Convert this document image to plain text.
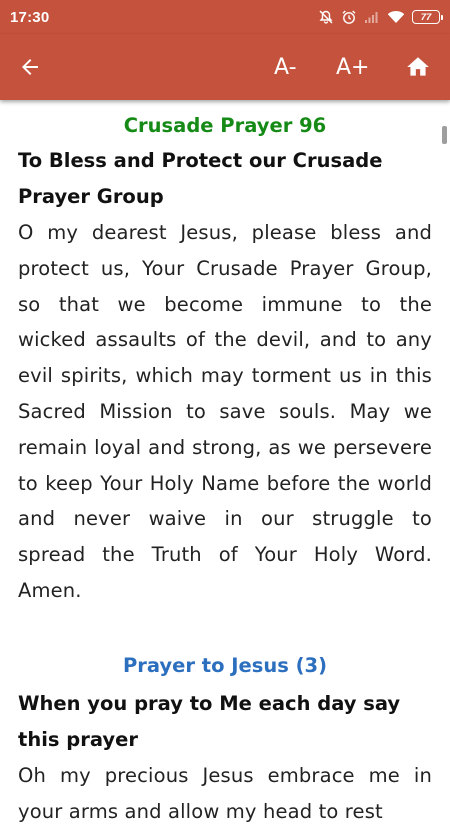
17:30	77
A- A+
Crusade Prayer 96
To Bless and Protect our Crusade Prayer Group
O my dearest Jesus, please bless and protect us, Your Crusade Prayer Group, so that we become immune to the wicked assaults of the devil, and to any evil spirits, which may torment us in this Sacred Mission to save souls. May we remain loyal and strong, as we persevere to keep Your Holy Name before the world and never waive in our struggle to spread the Truth of Your Holy Word. Amen.
Prayer to Jesus (3)
When you pray to Me each day say this prayer
Oh my precious Jesus embrace me in your arms and allow my head to rest
